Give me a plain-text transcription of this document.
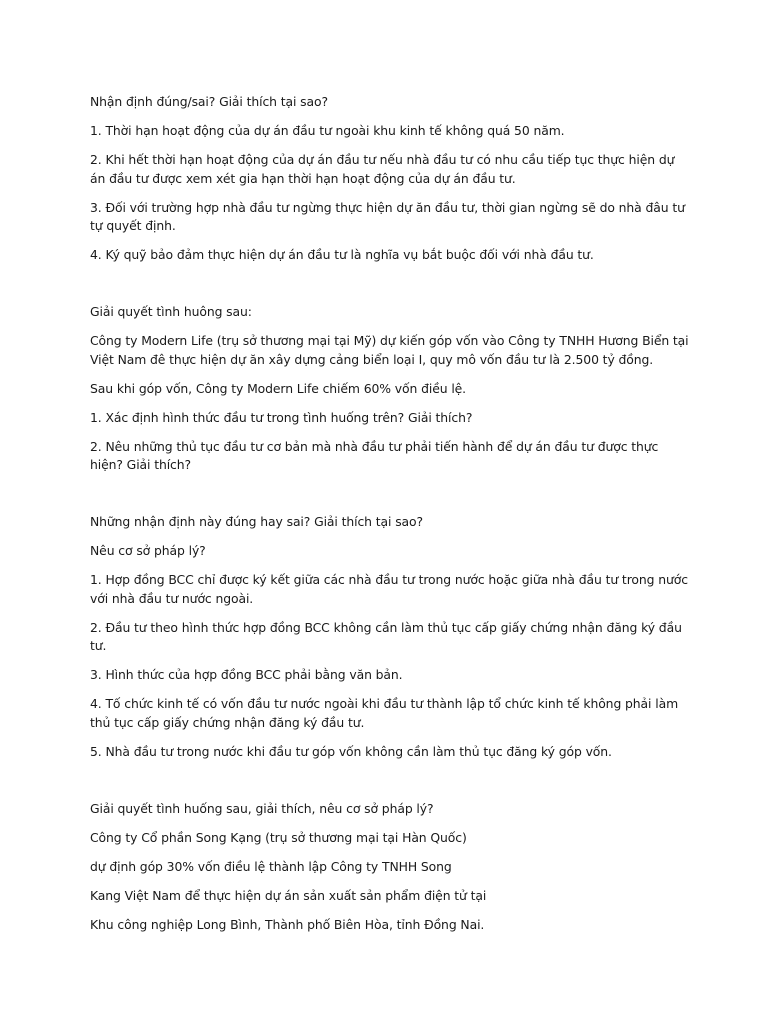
Nhận định đúng/sai? Giải thích tại sao?

1. Thời hạn hoạt động của dự án đầu tư ngoài khu kinh tế không quá 50 năm.

2. Khi hết thời hạn hoạt động của dự án đầu tư nếu nhà đầu tư có nhu cầu tiếp tục thực hiện dự án đầu tư được xem xét gia hạn thời hạn hoạt động của dự án đầu tư.

3. Đối với trường hợp nhà đầu tư ngừng thực hiện dự ăn đầu tư, thời gian ngừng sẽ do nhà đâu tư tự quyết định.

4. Ký quỹ bảo đảm thực hiện dự án đầu tư là nghĩa vụ bắt buộc đối với nhà đầu tư.

Giải quyết tình huông sau:

Công ty Modern Life (trụ sở thương mại tại Mỹ) dự kiến góp vốn vào Công ty TNHH Hương Biển tại Việt Nam đê thực hiện dự ăn xây dựng cảng biển loại I, quy mô vốn đầu tư là 2.500 tỷ đồng.

Sau khi góp vốn, Công ty Modern Life chiếm 60% vốn điều lệ.

1. Xác định hình thức đầu tư trong tình huống trên? Giải thích?

2. Nêu những thủ tục đầu tư cơ bản mà nhà đầu tư phải tiến hành để dự án đầu tư được thực hiện? Giải thích?

Những nhận định này đúng hay sai? Giải thích tại sao?

Nêu cơ sở pháp lý?

1. Hợp đồng BCC chỉ được ký kết giữa các nhà đầu tư trong nước hoặc giữa nhà đầu tư trong nước với nhà đầu tư nước ngoài.

2. Đầu tư theo hình thức hợp đồng BCC không cần làm thủ tục cấp giấy chứng nhận đăng ký đầu tư.

3. Hình thức của hợp đồng BCC phải bằng văn bản.

4. Tố chức kinh tế có vốn đầu tư nước ngoài khi đầu tư thành lập tổ chức kinh tế không phải làm thủ tục cấp giấy chứng nhận đăng ký đầu tư.

5. Nhà đầu tư trong nước khi đầu tư góp vốn không cần làm thủ tục đăng ký góp vốn.

Giải quyết tình huống sau, giải thích, nêu cơ sở pháp lý?

Công ty Cổ phần Song Kạng (trụ sở thương mại tại Hàn Quốc)

dự định góp 30% vốn điều lệ thành lập Công ty TNHH Song

Kang Việt Nam để thực hiện dự án sản xuất sản phẩm điện tử tại

Khu công nghiệp Long Bình, Thành phố Biên Hòa, tỉnh Đồng Nai.
